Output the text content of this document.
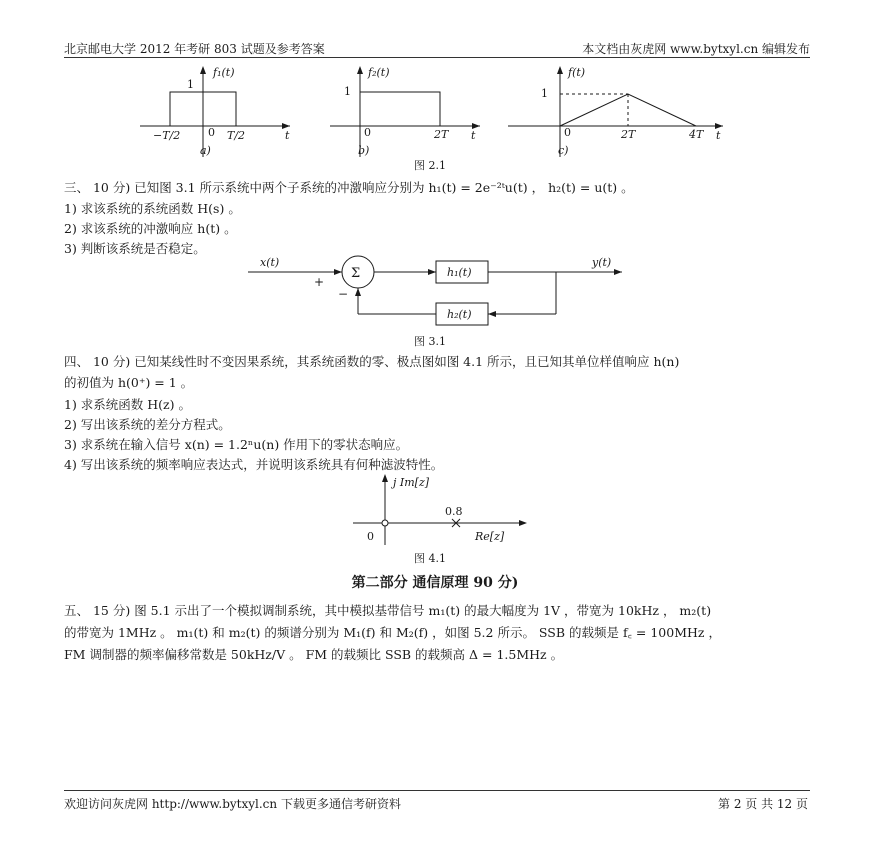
北京邮电大学 2012 年考研 803 试题及参考答案	本文档由灰虎网 www.bytxyl.cn 编辑发布
f₁(t)
1
−T/2	0 T/2	t
a)
f₂(t)
1
0	2T t
b)
f(t)
1
0	2T	4T t
c)
图 2.1
三、 10 分) 已知图 3.1 所示系统中两个子系统的冲激响应分别为 h₁(t) = 2e⁻²ᵗu(t) ， h₂(t) = u(t) 。
1) 求该系统的系统函数 H(s) 。
2) 求该系统的冲激响应 h(t) 。
3) 判断该系统是否稳定。
Σ	h₁(t)
h₂(t)
x(t)	y(t)
+
−
图 3.1
四、 10 分) 已知某线性时不变因果系统，其系统函数的零、极点图如图 4.1 所示，且已知其单位样值响应 h(n)
的初值为 h(0⁺) = 1 。
1) 求系统函数 H(z) 。
2) 写出该系统的差分方程式。
3) 求系统在输入信号 x(n) = 1.2ⁿu(n) 作用下的零状态响应。
4) 写出该系统的频率响应表达式，并说明该系统具有何种滤波特性。
j Im[z]
0.8
0	Re[z]
图 4.1
第二部分 通信原理 90 分)
五、 15 分) 图 5.1 示出了一个模拟调制系统，其中模拟基带信号 m₁(t) 的最大幅度为 1V ，带宽为 10kHz ， m₂(t)
的带宽为 1MHz 。 m₁(t) 和 m₂(t) 的频谱分别为 M₁(f) 和 M₂(f) ，如图 5.2 所示。 SSB 的载频是 f꜀ = 100MHz ，
FM 调制器的频率偏移常数是 50kHz/V 。 FM 的载频比 SSB 的载频高 Δ = 1.5MHz 。
欢迎访问灰虎网 http://www.bytxyl.cn 下载更多通信考研资料	第 2 页 共 12 页
